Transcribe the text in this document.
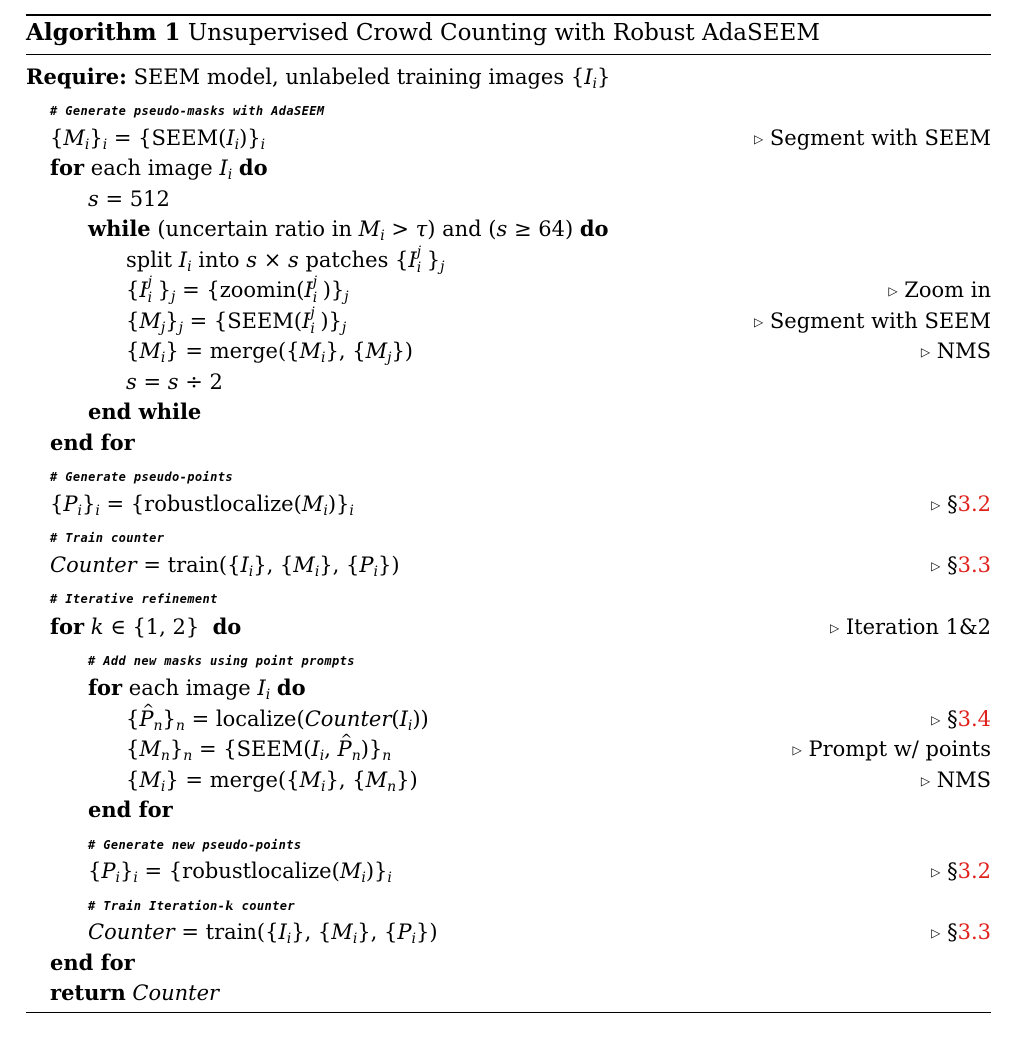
Algorithm 1 Unsupervised Crowd Counting with Robust AdaSEEM
Require: SEEM model, unlabeled training images $\{I_i\}$
# Generate pseudo-masks with AdaSEEM
$\{M_i\}_i$ = $\{SEEM(I_i)\}_i$	▷ Segment with SEEM
for each image $I_i$ do
s = 512
while (uncertain ratio in $M_i > \tau$) and (s ≥ 64) do
split $I_i$ into s × s patches {I j
i }$_j$
{I j
i }$_j = \{zoomin(I$ j
i )}$_j$	▷ Zoom in
$\{M_j\}_j$ = {SEEM(I j
i )}$_j$	▷ Segment with SEEM
$\{M_i\}$ = $merge(\{M_i\}$, $\{M_j\}$)	▷ NMS
s = s ÷ 2
end while
end for
# Generate pseudo-points
$\{P_i\}_i$ = $\{robustlocalize(M_i)\}_i$	▷ §3.2
# Train counter
Counter = $train(\{I_i\}$, $\{M_i\}$, $\{P_i\}$)	▷ §3.3
# Iterative refinement
for k ∈ {1, 2} do	▷ Iteration 1&2
# Add new masks using point prompts
for each image $I_i$ do
{^ $P_n\}_n$ = $localize(Counter(I_i))$	▷ §3.4
$\{M_n\}_n$ = {$SEEM(I_i$, ^ $P_n)\}_n$	▷ Prompt w/ points
$\{M_i\}$ = $merge(\{M_i\}$, $\{M_n\}$)	▷ NMS
end for
# Generate new pseudo-points
$\{P_i\}_i$ = $\{robustlocalize(M_i)\}_i$	▷ §3.2
# Train Iteration-k counter
Counter = $train(\{I_i\}$, $\{M_i\}$, $\{P_i\}$)	▷ §3.3
end for
return Counter
